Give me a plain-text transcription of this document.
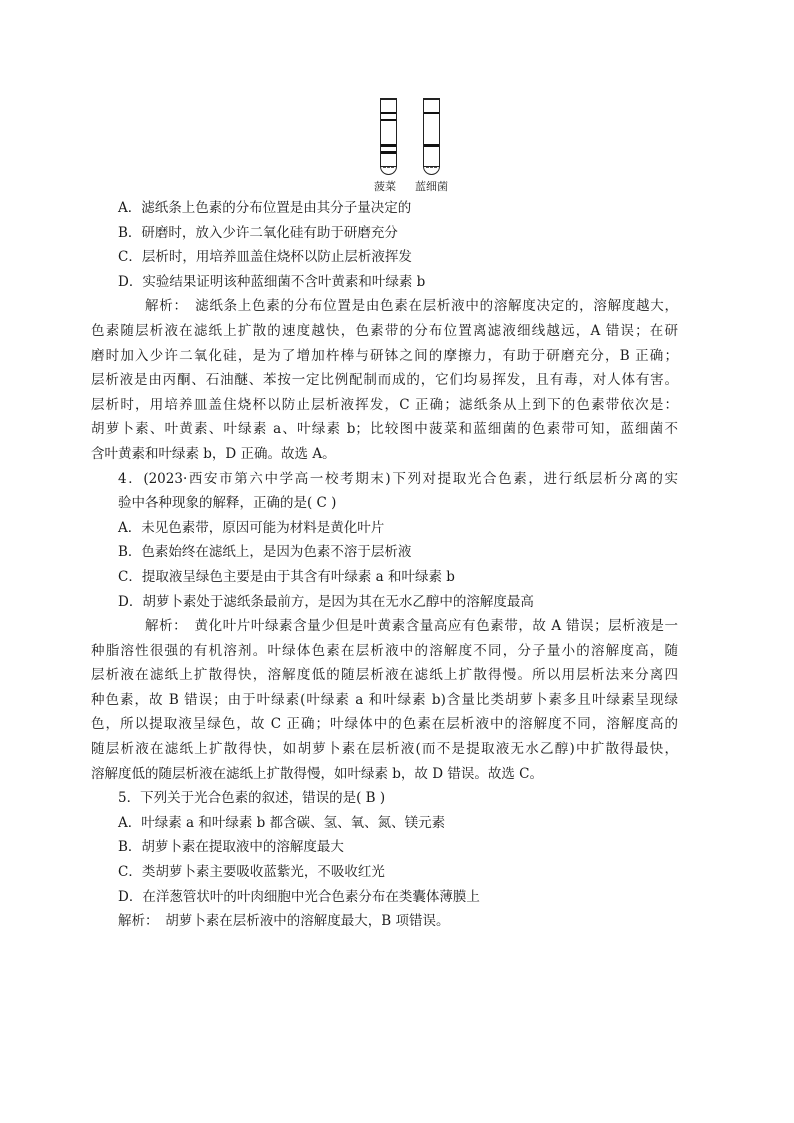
菠菜 蓝细菌

A．滤纸条上色素的分布位置是由其分子量决定的

B．研磨时，放入少许二氧化硅有助于研磨充分

C．层析时，用培养皿盖住烧杯以防止层析液挥发

D．实验结果证明该种蓝细菌不含叶黄素和叶绿素 b

解析：　滤纸条上色素的分布位置是由色素在层析液中的溶解度决定的，溶解度越大，

色素随层析液在滤纸上扩散的速度越快，色素带的分布位置离滤液细线越远，A 错误；在研

磨时加入少许二氧化硅，是为了增加杵棒与研钵之间的摩擦力，有助于研磨充分，B 正确；

层析液是由丙酮、石油醚、苯按一定比例配制而成的，它们均易挥发，且有毒，对人体有害。

层析时，用培养皿盖住烧杯以防止层析液挥发，C 正确；滤纸条从上到下的色素带依次是：

胡萝卜素、叶黄素、叶绿素 a、叶绿素 b；比较图中菠菜和蓝细菌的色素带可知，蓝细菌不

含叶黄素和叶绿素 b，D 正确。故选 A。

4．(2023·西安市第六中学高一校考期末)下列对提取光合色素，进行纸层析分离的实

验中各种现象的解释，正确的是( C )

A．未见色素带，原因可能为材料是黄化叶片

B．色素始终在滤纸上，是因为色素不溶于层析液

C．提取液呈绿色主要是由于其含有叶绿素 a 和叶绿素 b

D．胡萝卜素处于滤纸条最前方，是因为其在无水乙醇中的溶解度最高

解析：　黄化叶片叶绿素含量少但是叶黄素含量高应有色素带，故 A 错误；层析液是一

种脂溶性很强的有机溶剂。叶绿体色素在层析液中的溶解度不同，分子量小的溶解度高，随

层析液在滤纸上扩散得快，溶解度低的随层析液在滤纸上扩散得慢。所以用层析法来分离四

种色素，故 B 错误；由于叶绿素(叶绿素 a 和叶绿素 b)含量比类胡萝卜素多且叶绿素呈现绿

色，所以提取液呈绿色，故 C 正确；叶绿体中的色素在层析液中的溶解度不同，溶解度高的

随层析液在滤纸上扩散得快，如胡萝卜素在层析液(而不是提取液无水乙醇)中扩散得最快，

溶解度低的随层析液在滤纸上扩散得慢，如叶绿素 b，故 D 错误。故选 C。

5．下列关于光合色素的叙述，错误的是( B )

A．叶绿素 a 和叶绿素 b 都含碳、氢、氧、氮、镁元素

B．胡萝卜素在提取液中的溶解度最大

C．类胡萝卜素主要吸收蓝紫光，不吸收红光

D．在洋葱管状叶的叶肉细胞中光合色素分布在类囊体薄膜上

解析：　胡萝卜素在层析液中的溶解度最大，B 项错误。
